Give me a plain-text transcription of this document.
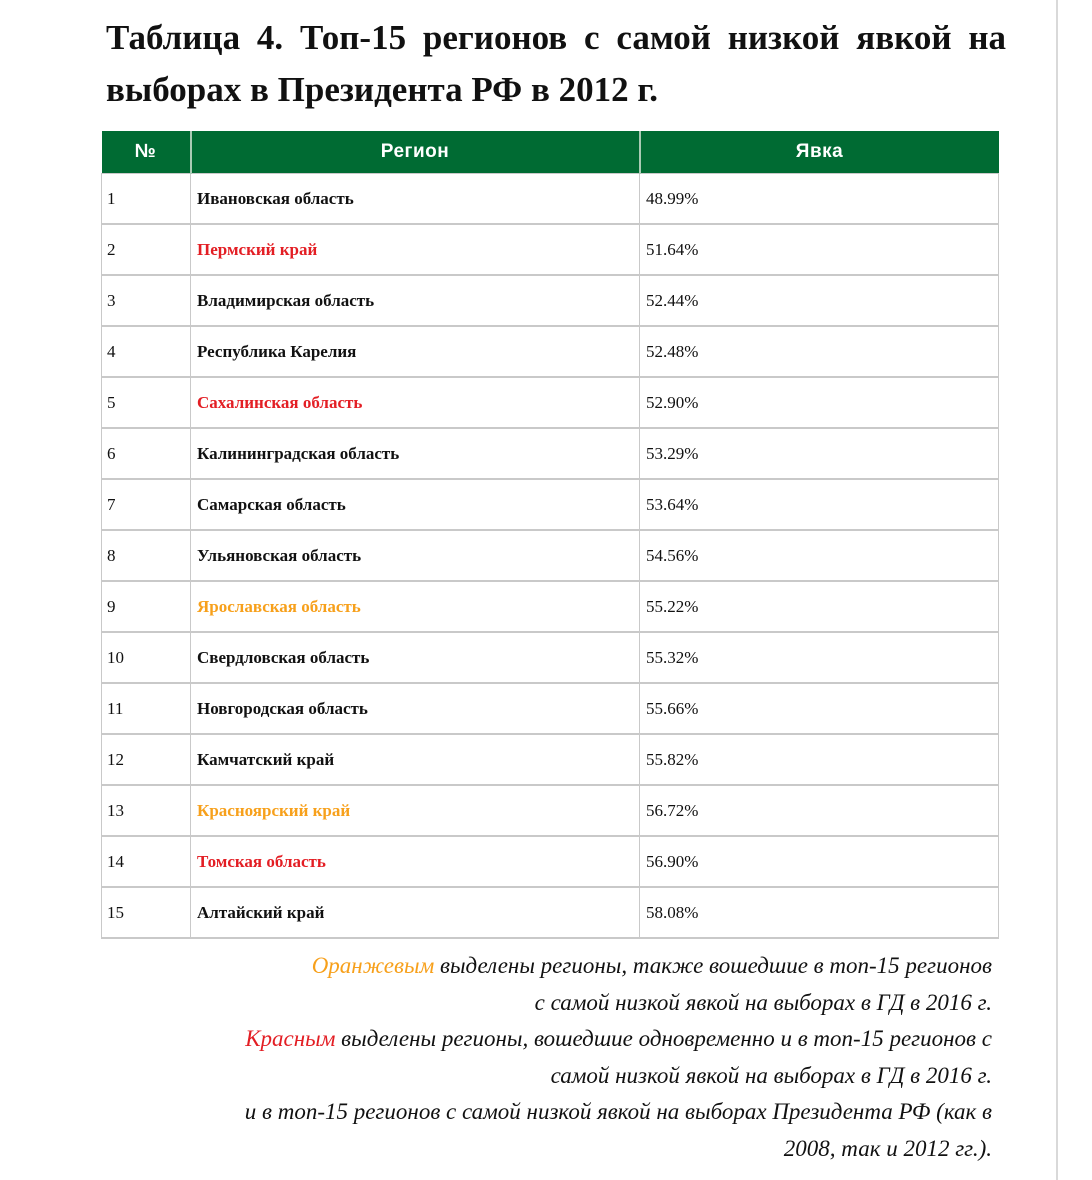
Таблица 4. Топ-15 регионов с самой низкой явкой на выборах в Президента РФ в 2012 г.
№	Регион	Явка
1	Ивановская область	48.99%
2	Пермский край	51.64%
3	Владимирская область	52.44%
4	Республика Карелия	52.48%
5	Сахалинская область	52.90%
6	Калининградская область	53.29%
7	Самарская область	53.64%
8	Ульяновская область	54.56%
9	Ярославская область	55.22%
10	Свердловская область	55.32%
11	Новгородская область	55.66%
12	Камчатский край	55.82%
13	Красноярский край	56.72%
14	Томская область	56.90%
15	Алтайский край	58.08%
Оранжевым выделены регионы, также вошедшие в топ-15 регионов
с самой низкой явкой на выборах в ГД в 2016 г.
Красным выделены регионы, вошедшие одновременно и в топ-15 регионов с
самой низкой явкой на выборах в ГД в 2016 г.
и в топ-15 регионов с самой низкой явкой на выборах Президента РФ (как в
2008, так и 2012 гг.).
